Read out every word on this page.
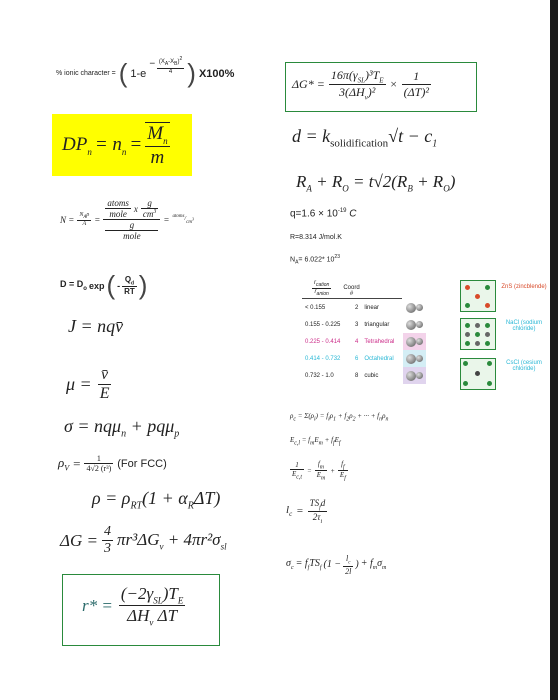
% ionic character = ( 1-e
− $\frac{(X_A-X_B)^2}{4}$ ) X100%
$DP_n = n_n = \frac{M_n}{m}$
$N = \frac{N_A\rho}{A} = \frac{\text{atoms}}{\text{mole}}$ x $\frac{g}{cm^3}$
g
mole = $^{atoms}/_{cm^3}$
$D = D_o$ exp ( - $\frac{Q_d}{RT}$ )
J = nqv̄
$\mu = \frac{v̄}{E}$
σ = nqμ$_n$ + pqμ$_p$
$\rho_V = \frac{1}{\text{4√2 (r³)}} (For$ FCC)
$\rho = \rho_{RT}(1 + \alpha_R\Delta T)$
$\Delta G = \frac{4}{3} \pi r^3\Delta G_v + 4\pi r^2\sigma_{sl}$
$r* = \frac{(-2\gamma_{SL})T_E}{\Delta H_v \Delta T}$
$\Delta G* = \frac{16\pi(\gamma_{SL})^3T_E}{3(\Delta H_v)^2} \times \frac{1}{\text{(ΔT)²}}$
$d = k_{solidification}√t - c_1$
$R_A + R_O = t√2(R_B + R_O)$
$q=1.6 \times 10^{-19}$ C
R=8.314 J/mol.K
$N_A= 6.022*$ $10^{23}$
$\frac{r_{cation}}{r_{anion}}$ Coord
#
< 0.155	2	linear	
0.155 - 0.225	3	triangular	
0.225 - 0.414	4	Tetrahedral	
0.414 - 0.732	6	Octahedral	
0.732 - 1.0	8	cubic	
ZnS (zincblende)
NaCl (sodium chloride)
CsCl (cesium chloride)
$\rho_c = \Sigma(\rho_i) = f_i\rho_1 + f_2\rho_2$ + ··· + $f_n\rho_n$
$E_{c,l} = f_mE_m + f_fE_f$
$\frac{1}{E_{c,t}} = \frac{f_m}{E_m} + \frac{f_f}{E_f}$
$l_c = \frac{TS_fd}{2\tau_i}$
$\sigma_c = f_fTS_f$ ($1 - \frac{l_c}{2l}$ ) + $f_m\sigma_m$
